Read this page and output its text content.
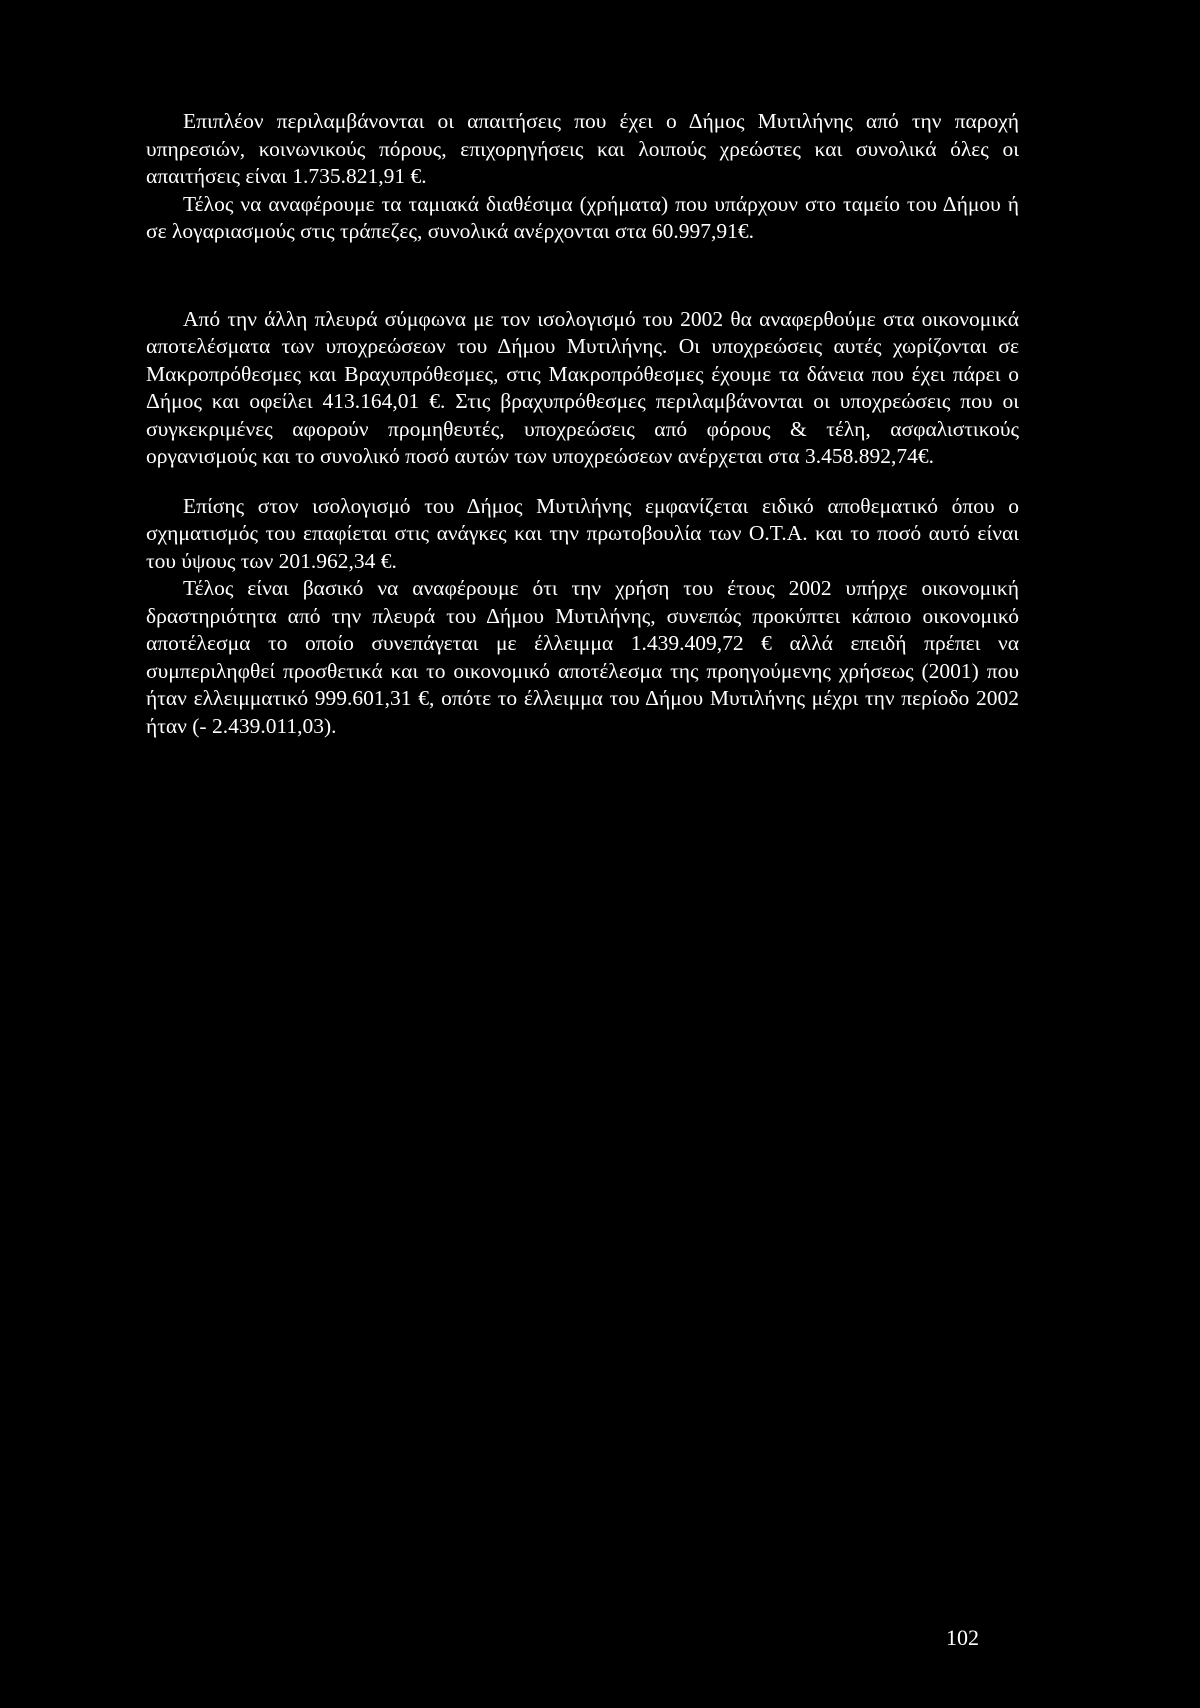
Επιπλέον περιλαμβάνονται οι απαιτήσεις που έχει ο Δήμος Μυτιλήνης από την παροχή υπηρεσιών, κοινωνικούς πόρους, επιχορηγήσεις και λοιπούς χρεώστες και συνολικά όλες οι απαιτήσεις είναι 1.735.821,91 €.

Τέλος να αναφέρουμε τα ταμιακά διαθέσιμα (χρήματα) που υπάρχουν στο ταμείο του Δήμου ή σε λογαριασμούς στις τράπεζες, συνολικά ανέρχονται στα 60.997,91€.

Από την άλλη πλευρά σύμφωνα με τον ισολογισμό του 2002 θα αναφερθούμε στα οικονομικά αποτελέσματα των υποχρεώσεων του Δήμου Μυτιλήνης. Οι υποχρεώσεις αυτές χωρίζονται σε Μακροπρόθεσμες και Βραχυπρόθεσμες, στις Μακροπρόθεσμες έχουμε τα δάνεια που έχει πάρει ο Δήμος και οφείλει 413.164,01 €. Στις βραχυπρόθεσμες περιλαμβάνονται οι υποχρεώσεις που οι συγκεκριμένες αφορούν προμηθευτές, υποχρεώσεις από φόρους & τέλη, ασφαλιστικούς οργανισμούς και το συνολικό ποσό αυτών των υποχρεώσεων ανέρχεται στα 3.458.892,74€.

Επίσης στον ισολογισμό του Δήμος Μυτιλήνης εμφανίζεται ειδικό αποθεματικό όπου ο σχηματισμός του επαφίεται στις ανάγκες και την πρωτοβουλία των Ο.Τ.Α. και το ποσό αυτό είναι του ύψους των 201.962,34 €.

Τέλος είναι βασικό να αναφέρουμε ότι την χρήση του έτους 2002 υπήρχε οικονομική δραστηριότητα από την πλευρά του Δήμου Μυτιλήνης, συνεπώς προκύπτει κάποιο οικονομικό αποτέλεσμα το οποίο συνεπάγεται με έλλειμμα 1.439.409,72 € αλλά επειδή πρέπει να συμπεριληφθεί προσθετικά και το οικονομικό αποτέλεσμα της προηγούμενης χρήσεως (2001) που ήταν ελλειμματικό 999.601,31 €, οπότε το έλλειμμα του Δήμου Μυτιλήνης μέχρι την περίοδο 2002 ήταν (- 2.439.011,03).

102
